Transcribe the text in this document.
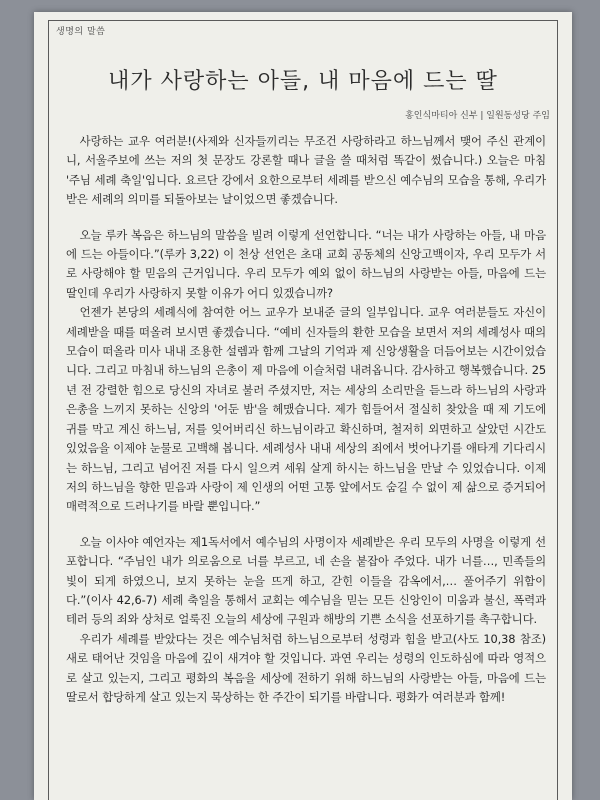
생명의 말씀
내가 사랑하는 아들, 내 마음에 드는 딸
홍인식마티아 신부 | 일원동성당 주임

사랑하는 교우 여러분!(사제와 신자들끼리는 무조건 사랑하라고 하느님께서 맺어 주신 관계이니, 서울주보에 쓰는 저의 첫 문장도 강론할 때나 글을 쓸 때처럼 똑같이 썼습니다.) 오늘은 마침 '주님 세례 축일'입니다. 요르단 강에서 요한으로부터 세례를 받으신 예수님의 모습을 통해, 우리가 받은 세례의 의미를 되돌아보는 날이었으면 좋겠습니다.

오늘 루카 복음은 하느님의 말씀을 빌려 이렇게 선언합니다. “너는 내가 사랑하는 아들, 내 마음에 드는 아들이다.”(루카 3,22) 이 천상 선언은 초대 교회 공동체의 신앙고백이자, 우리 모두가 서로 사랑해야 할 믿음의 근거입니다. 우리 모두가 예외 없이 하느님의 사랑받는 아들, 마음에 드는 딸인데 우리가 사랑하지 못할 이유가 어디 있겠습니까?

언젠가 본당의 세례식에 참여한 어느 교우가 보내준 글의 일부입니다. 교우 여러분들도 자신이 세례받을 때를 떠올려 보시면 좋겠습니다. “예비 신자들의 환한 모습을 보면서 저의 세례성사 때의 모습이 떠올라 미사 내내 조용한 설렘과 함께 그날의 기억과 제 신앙생활을 더듬어보는 시간이었습니다. 그리고 마침내 하느님의 은총이 제 마음에 이슬처럼 내려옵니다. 감사하고 행복했습니다. 25년 전 강렬한 힘으로 당신의 자녀로 불러 주셨지만, 저는 세상의 소리만을 듣느라 하느님의 사랑과 은총을 느끼지 못하는 신앙의 '어둔 밤'을 헤맸습니다. 제가 힘들어서 절실히 찾았을 때 제 기도에 귀를 막고 계신 하느님, 저를 잊어버리신 하느님이라고 확신하며, 철저히 외면하고 살았던 시간도 있었음을 이제야 눈물로 고백해 봅니다. 세례성사 내내 세상의 죄에서 벗어나기를 애타게 기다리시는 하느님, 그리고 넘어진 저를 다시 일으켜 세워 살게 하시는 하느님을 만날 수 있었습니다. 이제 저의 하느님을 향한 믿음과 사랑이 제 인생의 어떤 고통 앞에서도 숨길 수 없이 제 삶으로 증거되어 매력적으로 드러나기를 바랄 뿐입니다.”

오늘 이사야 예언자는 제1독서에서 예수님의 사명이자 세례받은 우리 모두의 사명을 이렇게 선포합니다. “주님인 내가 의로움으로 너를 부르고, 네 손을 붙잡아 주었다. 내가 너를…, 민족들의 빛이 되게 하였으니, 보지 못하는 눈을 뜨게 하고, 갇힌 이들을 감옥에서,… 풀어주기 위함이다.”(이사 42,6-7) 세례 축일을 통해서 교회는 예수님을 믿는 모든 신앙인이 미움과 불신, 폭력과 테러 등의 죄와 상처로 얼룩진 오늘의 세상에 구원과 해방의 기쁜 소식을 선포하기를 촉구합니다.

우리가 세례를 받았다는 것은 예수님처럼 하느님으로부터 성령과 힘을 받고(사도 10,38 참조) 새로 태어난 것임을 마음에 깊이 새겨야 할 것입니다. 과연 우리는 성령의 인도하심에 따라 영적으로 살고 있는지, 그리고 평화의 복음을 세상에 전하기 위해 하느님의 사랑받는 아들, 마음에 드는 딸로서 합당하게 살고 있는지 묵상하는 한 주간이 되기를 바랍니다. 평화가 여러분과 함께!
